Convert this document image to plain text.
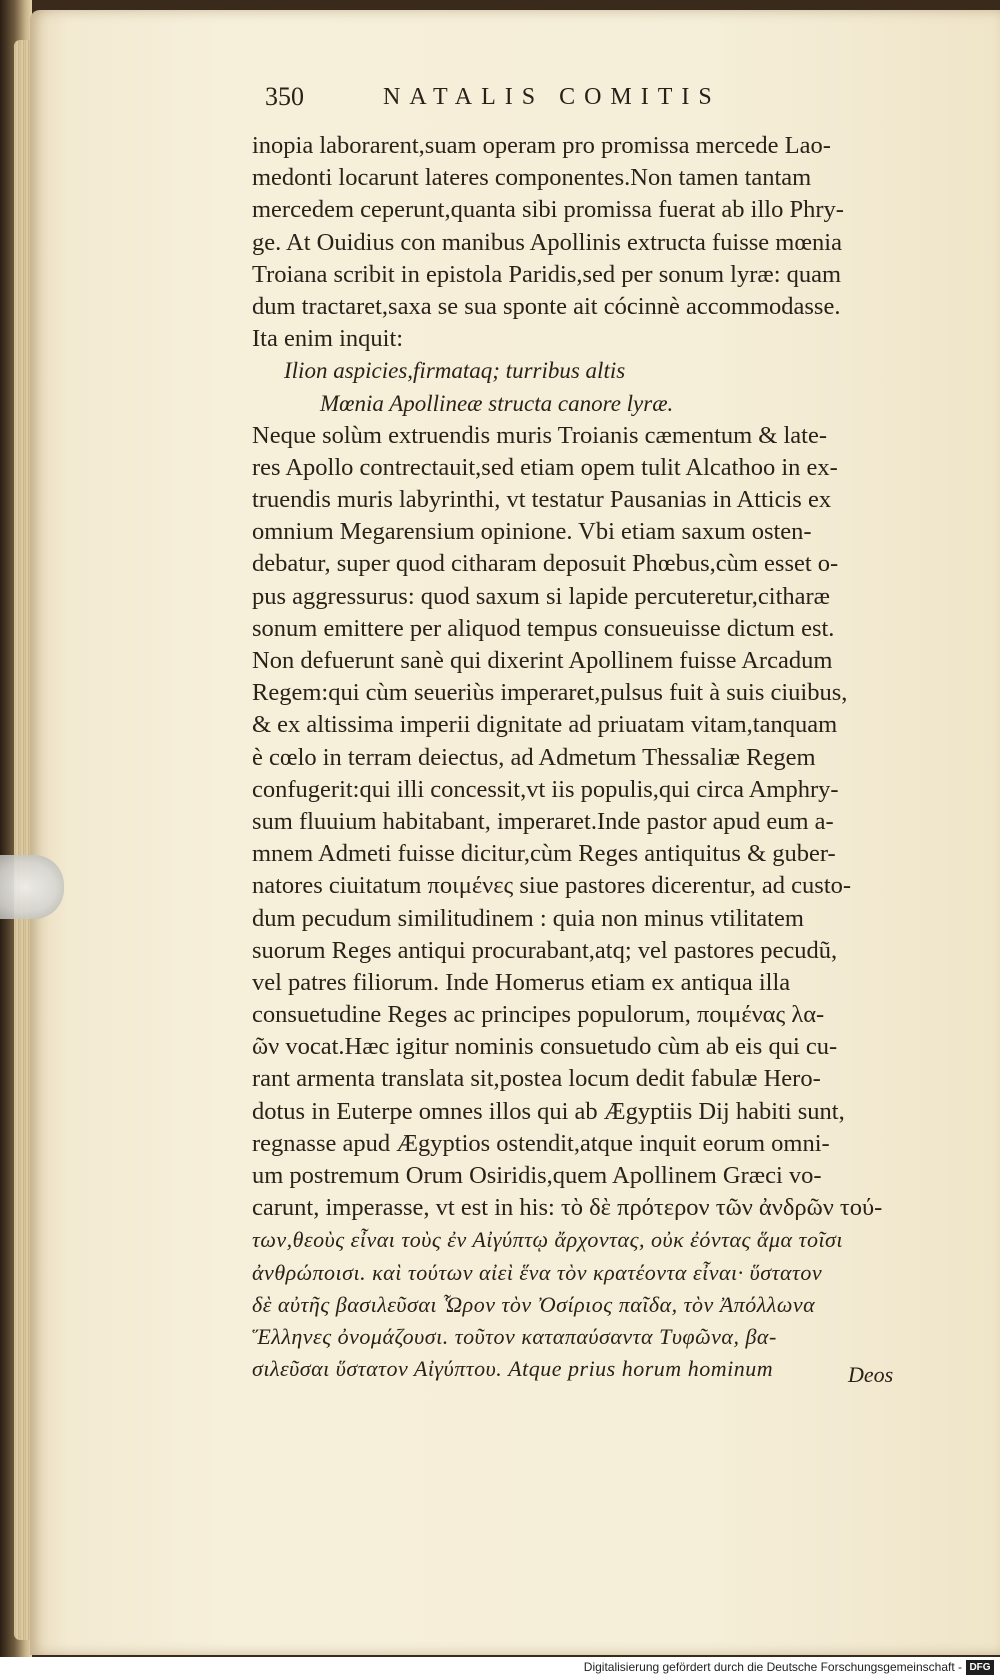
350	NATALIS COMITIS
inopia laborarent,suam operam pro promissa mercede Lao-
medonti locarunt lateres componentes.Non tamen tantam
mercedem ceperunt,quanta sibi promissa fuerat ab illo Phry-
ge. At Ouidius con manibus Apollinis extructa fuisse mœnia
Troiana scribit in epistola Paridis,sed per sonum lyræ: quam
dum tractaret,saxa se sua sponte ait cócinnè accommodasse.
Ita enim inquit:
Ilion aspicies,firmataq; turribus altis
Mœnia Apollineæ structa canore lyræ.
Neque solùm extruendis muris Troianis cæmentum & late-
res Apollo contrectauit,sed etiam opem tulit Alcathoo in ex-
truendis muris labyrinthi, vt testatur Pausanias in Atticis ex
omnium Megarensium opinione. Vbi etiam saxum osten-
debatur, super quod citharam deposuit Phœbus,cùm esset o-
pus aggressurus: quod saxum si lapide percuteretur,citharæ
sonum emittere per aliquod tempus consueuisse dictum est.
Non defuerunt sanè qui dixerint Apollinem fuisse Arcadum
Regem:qui cùm seueriùs imperaret,pulsus fuit à suis ciuibus,
& ex altissima imperii dignitate ad priuatam vitam,tanquam
è cœlo in terram deiectus, ad Admetum Thessaliæ Regem
confugerit:qui illi concessit,vt iis populis,qui circa Amphry-
sum fluuium habitabant, imperaret.Inde pastor apud eum a-
mnem Admeti fuisse dicitur,cùm Reges antiquitus & guber-
natores ciuitatum ποιμένες siue pastores dicerentur, ad custo-
dum pecudum similitudinem : quia non minus vtilitatem
suorum Reges antiqui procurabant,atq; vel pastores pecudũ,
vel patres filiorum. Inde Homerus etiam ex antiqua illa
consuetudine Reges ac principes populorum, ποιμένας λα-
ῶν vocat.Hæc igitur nominis consuetudo cùm ab eis qui cu-
rant armenta translata sit,postea locum dedit fabulæ Hero-
dotus in Euterpe omnes illos qui ab Ægyptiis Dij habiti sunt,
regnasse apud Ægyptios ostendit,atque inquit eorum omni-
um postremum Orum Osiridis,quem Apollinem Græci vo-
carunt, imperasse, vt est in his: τὸ δὲ πρότερον τῶν ἀνδρῶν τού-
των,θεοὺς εἶναι τοὺς ἐν Αἰγύπτῳ ἄρχοντας, οὐκ ἐόντας ἅμα τοῖσι
ἀνθρώποισι. καὶ τούτων αἰεὶ ἕνα τὸν κρατέοντα εἶναι· ὕστατον
δὲ αὐτῆς βασιλεῦσαι Ὧρον τὸν Ὀσίριος παῖδα, τὸν Ἀπόλλωνα
Ἕλληνες ὀνομάζουσι. τοῦτον καταπαύσαντα Τυφῶνα, βα-
σιλεῦσαι ὕστατον Αἰγύπτου. Atque prius horum hominum	Deos
Digitalisierung gefördert durch die Deutsche Forschungsgemeinschaft - DFG
